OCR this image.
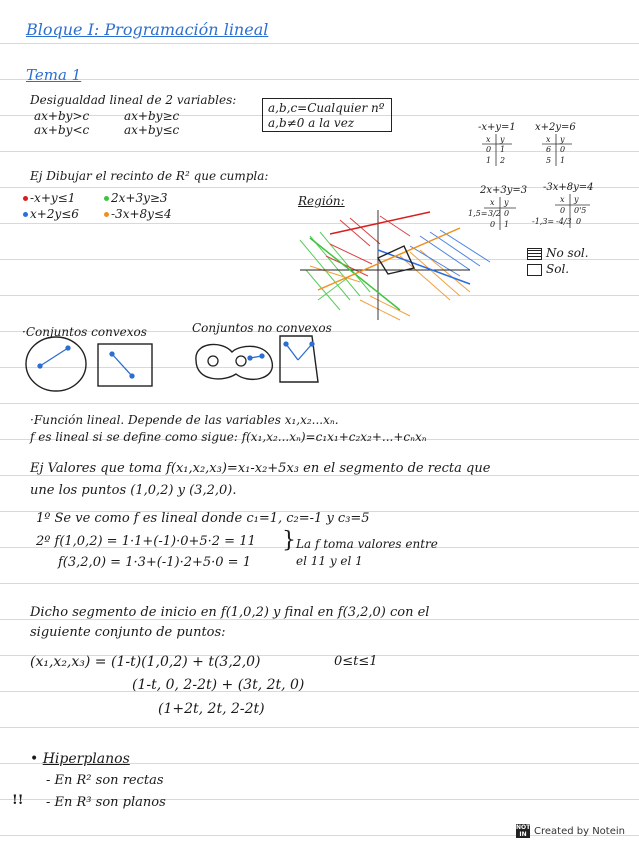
Bloque I: Programación lineal
Tema 1
Desigualdad lineal de 2 variables:
ax+by>c	ax+by≥c
ax+by<c	ax+by≤c
a,b,c=Cualquier nº
a,b≠0 a la vez	-x+y=1
x y
0 1
1 2
x+2y=6
x y
6 0
5 1
2x+3y=3
x y
1,5= 3/2 0
0 1
-3x+8y=4
x y
0 0'5
-1,3= -4/3 0
Ej Dibujar el recinto de R² que cumpla:
-x+y≤1	2x+3y≥3
x+2y≤6	-3x+8y≤4
Región:
No sol.
Sol.
·Conjuntos convexos	Conjuntos no convexos
·Función lineal. Depende de las variables x₁,x₂...xₙ.
f es lineal si se define como sigue: f(x₁,x₂...xₙ)=c₁x₁+c₂x₂+...+cₙxₙ
Ej Valores que toma f(x₁,x₂,x₃)=x₁-x₂+5x₃ en el segmento de recta que
une los puntos (1,0,2) y (3,2,0).
1º Se ve como f es lineal donde c₁=1, c₂=-1 y c₃=5
2º f(1,0,2) = 1·1+(-1)·0+5·2 = 11
f(3,2,0) = 1·3+(-1)·2+5·0 = 1
} La f toma valores entre
el 11 y el 1
Dicho segmento de inicio en f(1,0,2) y final en f(3,2,0) con el
siguiente conjunto de puntos:
(x₁,x₂,x₃) = (1-t)(1,0,2) + t(3,2,0)	0≤t≤1
(1-t, 0, 2-2t) + (3t, 2t, 0)
(1+2t, 2t, 2-2t)
• Hiperplanos
- En R² son rectas
!! - En R³ son planos
NOTE IN Created by Notein
